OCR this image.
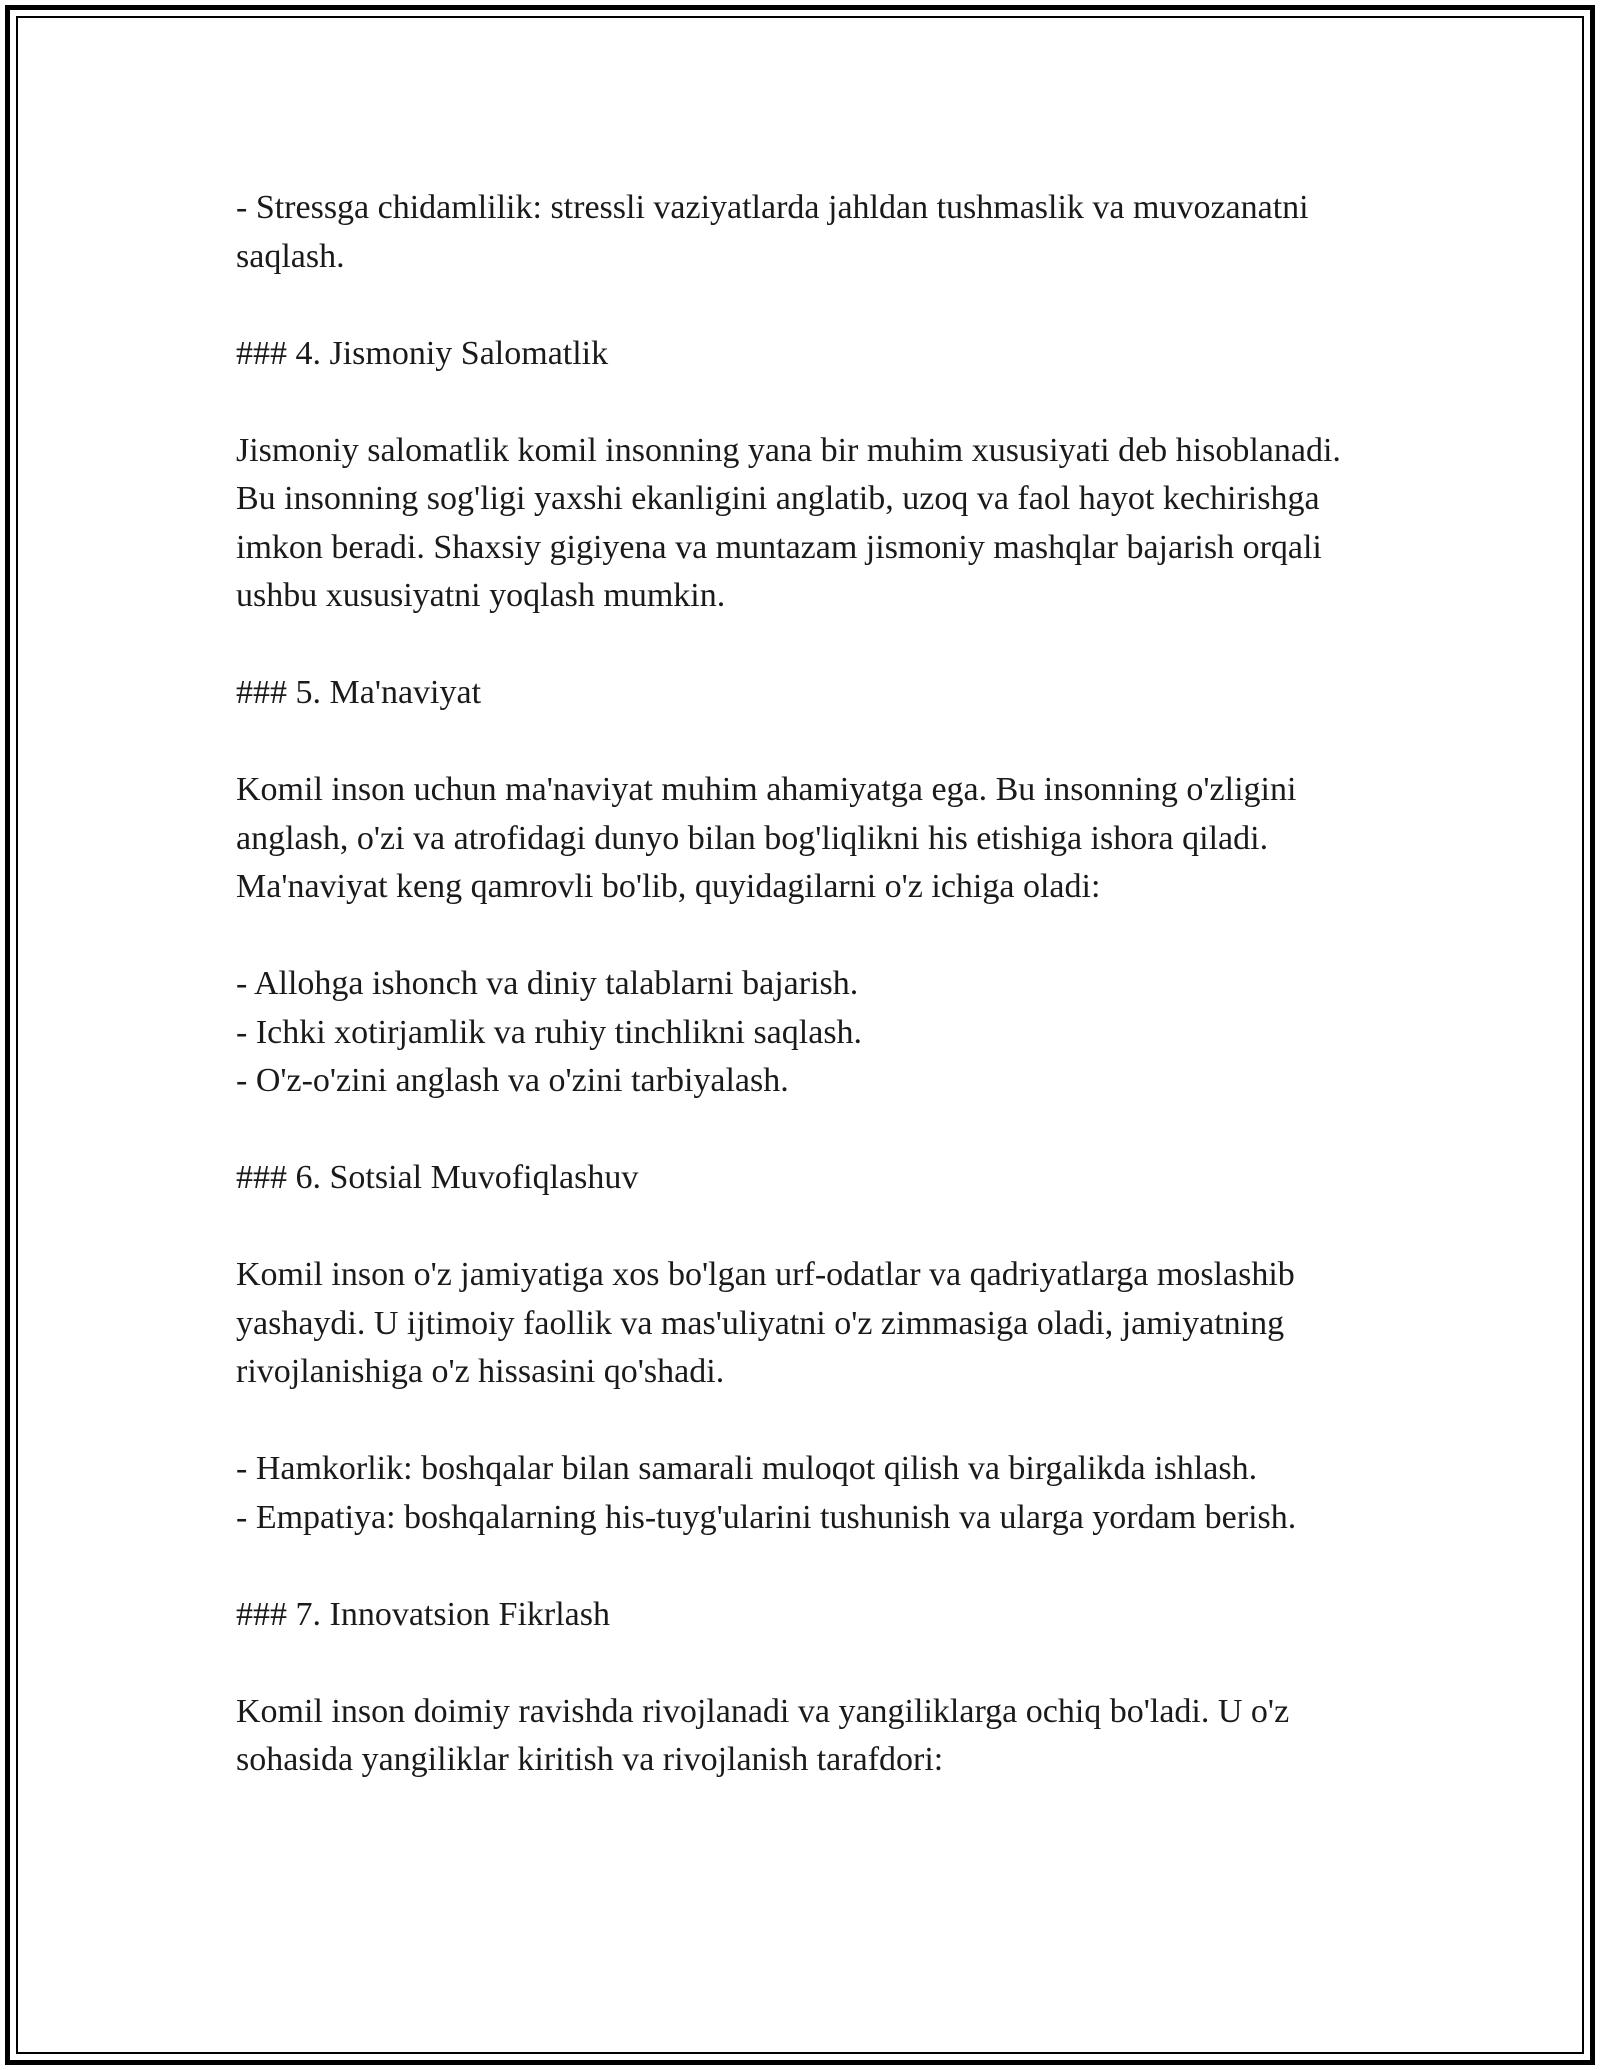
- Stressga chidamlilik: stressli vaziyatlarda jahldan tushmaslik va muvozanatni saqlash.

### 4. Jismoniy Salomatlik

Jismoniy salomatlik komil insonning yana bir muhim xususiyati deb hisoblanadi. Bu insonning sog'ligi yaxshi ekanligini anglatib, uzoq va faol hayot kechirishga imkon beradi. Shaxsiy gigiyena va muntazam jismoniy mashqlar bajarish orqali ushbu xususiyatni yoqlash mumkin.

### 5. Ma'naviyat

Komil inson uchun ma'naviyat muhim ahamiyatga ega. Bu insonning o'zligini anglash, o'zi va atrofidagi dunyo bilan bog'liqlikni his etishiga ishora qiladi. Ma'naviyat keng qamrovli bo'lib, quyidagilarni o'z ichiga oladi:

- Allohga ishonch va diniy talablarni bajarish.
- Ichki xotirjamlik va ruhiy tinchlikni saqlash.
- O'z-o'zini anglash va o'zini tarbiyalash.

### 6. Sotsial Muvofiqlashuv

Komil inson o'z jamiyatiga xos bo'lgan urf-odatlar va qadriyatlarga moslashib yashaydi. U ijtimoiy faollik va mas'uliyatni o'z zimmasiga oladi, jamiyatning rivojlanishiga o'z hissasini qo'shadi.

- Hamkorlik: boshqalar bilan samarali muloqot qilish va birgalikda ishlash.
- Empatiya: boshqalarning his-tuyg'ularini tushunish va ularga yordam berish.

### 7. Innovatsion Fikrlash

Komil inson doimiy ravishda rivojlanadi va yangiliklarga ochiq bo'ladi. U o'z sohasida yangiliklar kiritish va rivojlanish tarafdori:
